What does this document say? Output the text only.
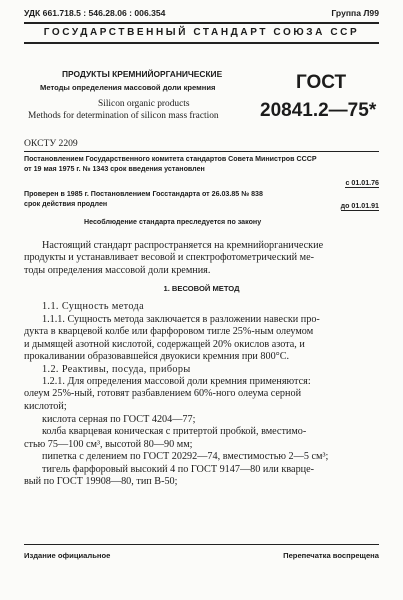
УДК 661.718.5 : 546.28.06 : 006.354	Группа Л99
ГОСУДАРСТВЕННЫЙ СТАНДАРТ СОЮЗА ССР
ПРОДУКТЫ КРЕМНИЙОРГАНИЧЕСКИЕ
Методы определения массовой доли кремния
Silicon organic products
Methods for determination of silicon mass fraction
ГОСТ
20841.2—75*
ОКСТУ 2209
Постановлением Государственного комитета стандартов Совета Министров СССР
от 19 мая 1975 г. № 1343 срок введения установлен
с 01.01.76
Проверен в 1985 г. Постановлением Госстандарта от 26.03.85 № 838
срок действия продлен	до 01.01.91
Несоблюдение стандарта преследуется по закону
Настоящий стандарт распространяется на кремнийорганические
продукты и устанавливает весовой и спектрофотометрический ме-
тоды определения массовой доли кремния.
1. ВЕСОВОЙ МЕТОД
1.1. Сущность метода
1.1.1. Сущность метода заключается в разложении навески про-
дукта в кварцевой колбе или фарфоровом тигле 25%-ным олеумом
и дымящей азотной кислотой, содержащей 20% окислов азота, и
прокаливании образовавшейся двуокиси кремния при 800°С.
1.2. Реактивы, посуда, приборы
1.2.1. Для определения массовой доли кремния применяются:
олеум 25%-ный, готовят разбавлением 60%-ного олеума серной
кислотой;
кислота серная по ГОСТ 4204—77;
колба кварцевая коническая с притертой пробкой, вместимо-
стью 75—100 см³, высотой 80—90 мм;
пипетка с делением по ГОСТ 20292—74, вместимостью 2—5 см³;
тигель фарфоровый высокий 4 по ГОСТ 9147—80 или кварце-
вый по ГОСТ 19908—80, тип В-50;
Издание официальное	Перепечатка воспрещена
